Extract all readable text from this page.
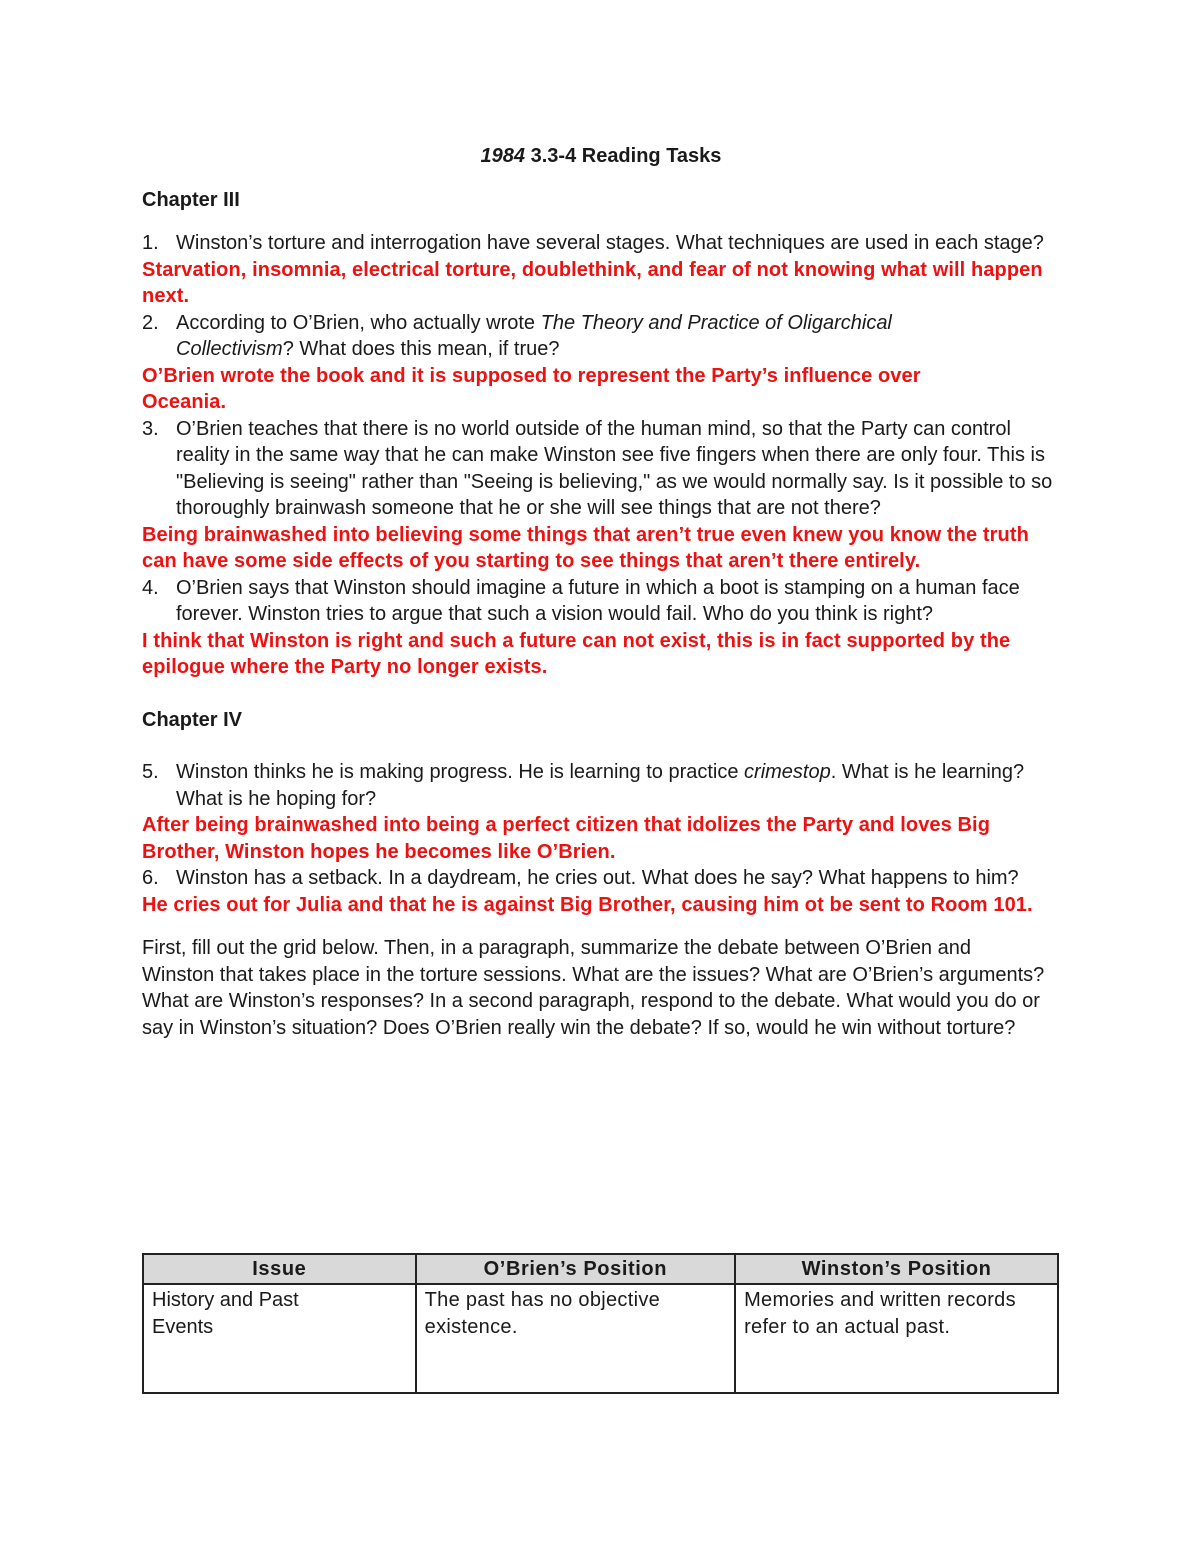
1984 3.3-4 Reading Tasks

Chapter III

1. Winston’s torture and interrogation have several stages. What techniques are used in each stage?

Starvation, insomnia, electrical torture, doublethink, and fear of not knowing what will happen next.

2. According to O’Brien, who actually wrote The Theory and Practice of Oligarchical Collectivism? What does this mean, if true?

O’Brien wrote the book and it is supposed to represent the Party’s influence over Oceania.

3. O’Brien teaches that there is no world outside of the human mind, so that the Party can control reality in the same way that he can make Winston see five fingers when there are only four. This is "Believing is seeing" rather than "Seeing is believing," as we would normally say. Is it possible to so thoroughly brainwash someone that he or she will see things that are not there?

Being brainwashed into believing some things that aren’t true even knew you know the truth can have some side effects of you starting to see things that aren’t there entirely.

4. O’Brien says that Winston should imagine a future in which a boot is stamping on a human face forever. Winston tries to argue that such a vision would fail. Who do you think is right?

I think that Winston is right and such a future can not exist, this is in fact supported by the epilogue where the Party no longer exists.

Chapter IV

5. Winston thinks he is making progress. He is learning to practice crimestop. What is he learning? What is he hoping for?

After being brainwashed into being a perfect citizen that idolizes the Party and loves Big Brother, Winston hopes he becomes like O’Brien.

6. Winston has a setback. In a daydream, he cries out. What does he say? What happens to him?

He cries out for Julia and that he is against Big Brother, causing him ot be sent to Room 101.

First, fill out the grid below. Then, in a paragraph, summarize the debate between O’Brien and Winston that takes place in the torture sessions. What are the issues? What are O’Brien’s arguments? What are Winston’s responses? In a second paragraph, respond to the debate. What would you do or say in Winston’s situation? Does O’Brien really win the debate? If so, would he win without torture?

Issue	O’Brien’s Position	Winston’s Position

History and Past Events	The past has no objective existence.	Memories and written records refer to an actual past.
